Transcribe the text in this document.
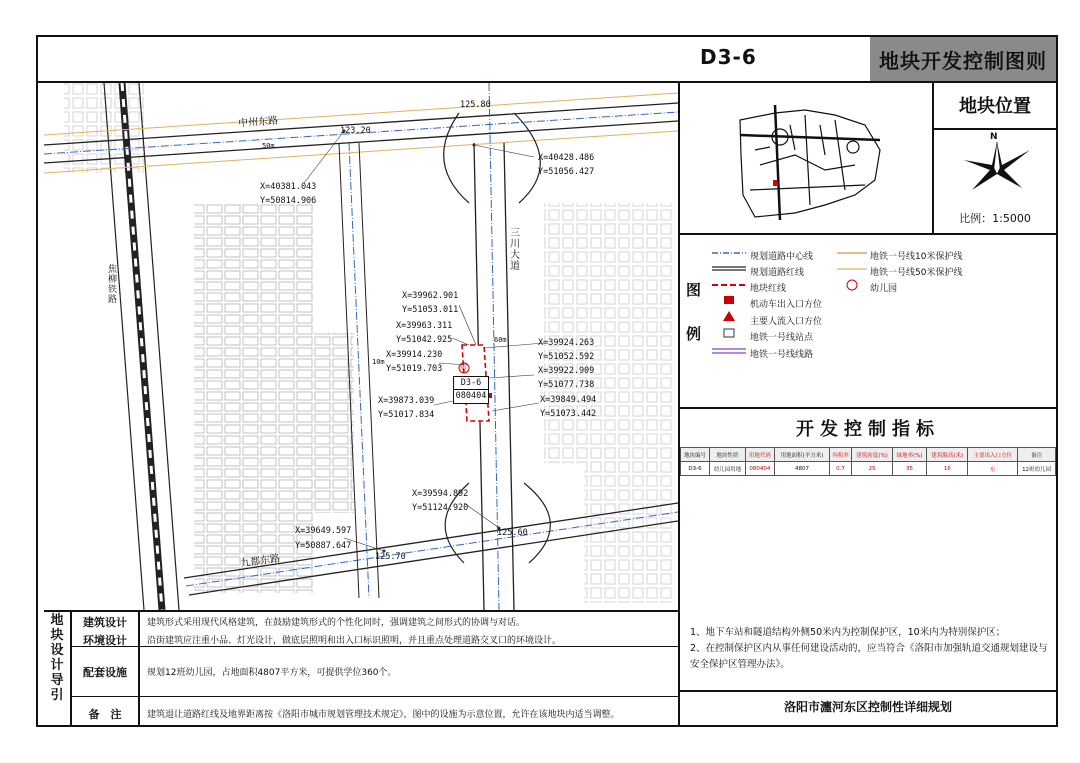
D3-6	地块开发控制图则
地块位置
N
比例：1:5000
图
例
规划道路中心线
规划道路红线
地块红线
机动车出入口方位
主要人流入口方位
地铁一号线站点
地铁一号线线路
地铁一号线10米保护线
地铁一号线50米保护线
幼儿园
开发控制指标
地块编号	地块性质	用地代码	用地面积(平方米)	容积率	建筑密度(%)	绿地率(%)	建筑限高(米)	主要出入口方位	备注
D3-6	幼儿园用地	080404	4807	0.7	25	35	16	东	12班幼儿园
1、地下车站和隧道结构外侧50米内为控制保护区，10米内为特别保护区；
2、在控制保护区内从事任何建设活动的，应当符合《洛阳市加强轨道交通规划建设与安全保护区管理办法》。
洛阳市瀍河东区控制性详细规划
地块设计导引
建筑设计	建筑形式采用现代风格建筑，在鼓励建筑形式的个性化同时，强调建筑之间形式的协调与对话。
环境设计	沿街建筑应注重小品、灯光设计，做底层照明和出入口标识照明，并且重点处理道路交叉口的环境设计。
配套设施	规划12班幼儿园，占地面积4807平方米，可提供学位360个。
备　注	建筑退让道路红线及地界距离按《洛阳市城市规划管理技术规定》，图中的设施为示意位置，允许在该地块内适当调整。
中州东路
九都东路
三川大道
焦柳铁路
125.80
123.20
125.60
125.70
50m
10m
60m
X=40381.043
Y=50814.906
X=40428.486
Y=51056.427
X=39962.901
Y=51053.011
X=39963.311
Y=51042.925
X=39914.230
Y=51019.703
X=39873.039
Y=51017.834
X=39924.263
Y=51052.592
X=39922.909
Y=51077.738
X=39849.494
Y=51073.442
X=39594.892
Y=51124.920
X=39649.597
Y=50887.647
D3-6
080404
幼
